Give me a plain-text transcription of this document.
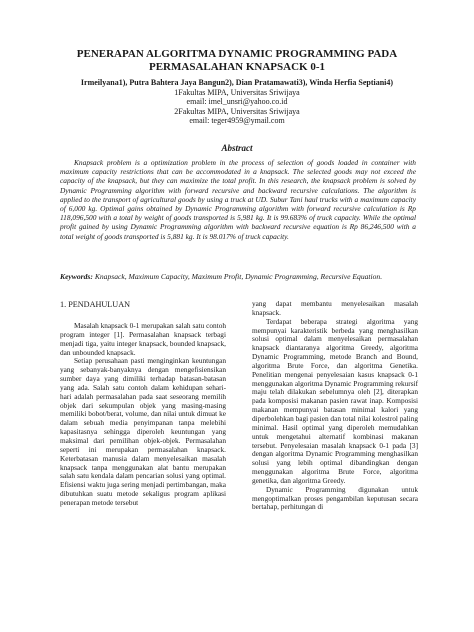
PENERAPAN ALGORITMA DYNAMIC PROGRAMMING PADA
PERMASALAHAN KNAPSACK 0-1
Irmeilyana1), Putra Bahtera Jaya Bangun2), Dian Pratamawati3), Winda Herfia Septiani4)
1Fakultas MIPA, Universitas Sriwijaya
email: imel_unsri@yahoo.co.id
2Fakultas MIPA, Universitas Sriwijaya
email: teger4959@ymail.com
Abstract

Knapsack problem is a optimization problem in the process of selection of goods loaded in container with maximum capacity restrictions that can be accommodated in a knapsack. The selected goods may not exceed the capacity of the knapsack, but they can maximize the total profit. In this research, the knapsack problem is solved by Dynamic Programming algorithm with forward recursive and backward recursive calculations. The algorithm is applied to the transport of agricultural goods by using a truck at UD. Subur Tani haul trucks with a maximum capacity of 6,000 kg. Optimal gains obtained by Dynamic Programming algorithm with forward recursive calculation is Rp 118,096,500 with a total by weight of goods transported is 5,981 kg. It is 99.683% of truck capacity. While the optimal profit gained by using Dynamic Programming algorithm with backward recursive equation is Rp 86,246,500 with a total weight of goods transported is 5,881 kg. It is 98.017% of truck capacity.

Keywords: Knapsack, Maximum Capacity, Maximum Profit, Dynamic Programming, Recursive Equation.
1. PENDAHULUAN

Masalah knapsack 0-1 merupakan salah satu contoh program integer [1]. Permasalahan knapsack terbagi menjadi tiga, yaitu integer knapsack, bounded knapsack, dan unbounded knapsack.

Setiap perusahaan pasti menginginkan keuntungan yang sebanyak-banyaknya dengan mengefisiensikan sumber daya yang dimiliki terhadap batasan-batasan yang ada. Salah satu contoh dalam kehidupan sehari-hari adalah permasalahan pada saat seseorang memilih objek dari sekumpulan objek yang masing-masing memiliki bobot/berat, volume, dan nilai untuk dimuat ke dalam sebuah media penyimpanan tanpa melebihi kapasitasnya sehingga diperoleh keuntungan yang maksimal dari pemilihan objek-objek. Permasalahan seperti ini merupakan permasalahan knapsack. Keterbatasan manusia dalam menyelesaikan masalah knapsack tanpa menggunakan alat bantu merupakan salah satu kendala dalam pencarian solusi yang optimal. Efisiensi waktu juga sering menjadi pertimbangan, maka dibutuhkan suatu metode sekaligus program aplikasi penerapan metode tersebut

yang dapat membantu menyelesaikan masalah knapsack.

Terdapat beberapa strategi algoritma yang mempunyai karakteristik berbeda yang menghasilkan solusi optimal dalam menyelesaikan permasalahan knapsack diantaranya algoritma Greedy, algoritma Dynamic Programming, metode Branch and Bound, algoritma Brute Force, dan algoritma Genetika. Penelitian mengenai penyelesaian kasus knapsack 0-1 menggunakan algoritma Dynamic Programming rekursif maju telah dilakukan sebelumnya oleh [2], diterapkan pada komposisi makanan pasien rawat inap. Komposisi makanan mempunyai batasan minimal kalori yang diperbolehkan bagi pasien dan total nilai kolestrol paling minimal. Hasil optimal yang diperoleh memudahkan untuk mengetahui alternatif kombinasi makanan tersebut. Penyelesaian masalah knapsack 0-1 pada [3] dengan algoritma Dynamic Programming menghasilkan solusi yang lebih optimal dibandingkan dengan menggunakan algoritma Brute Force, algoritma genetika, dan algoritma Greedy.

Dynamic Programming digunakan untuk mengoptimalkan proses pengambilan keputusan secara bertahap, perhitungan di
